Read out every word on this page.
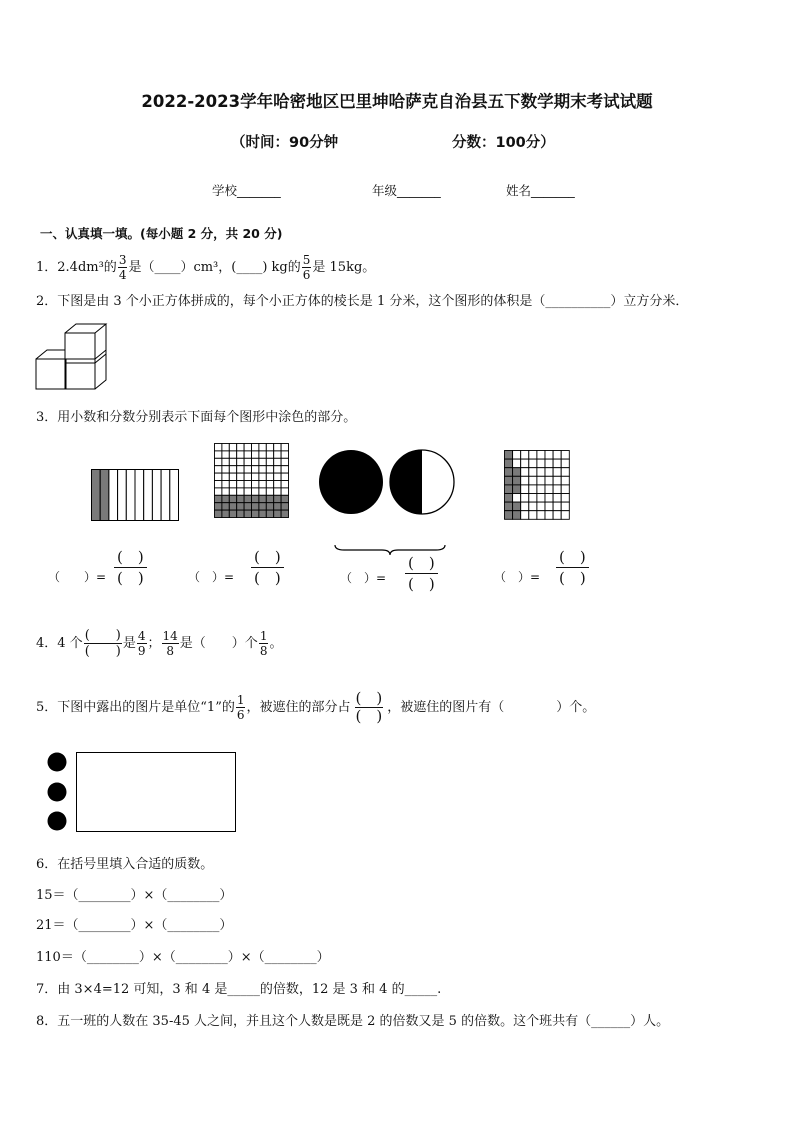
2022-2023学年哈密地区巴里坤哈萨克自治县五下数学期末考试试题
（时间：90分钟	分数：100分）
学校_______	年级_______	姓名_______
一、认真填一填。(每小题 2 分，共 20 分)
1．2.4dm³的 $\frac{3}{4}$ 是（____）cm³，(____) kg的 $\frac{5}{6}$ 是 15kg。
2．下图是由 3 个小正方体拼成的，每个小正方体的棱长是 1 分米，这个图形的体积是（__________）立方分米．
3．用小数和分数分别表示下面每个图形中涂色的部分。
（　　）=
(　)
(　)	（　）=
(　)
(　)	（　）=
(　)
(　)	（　）=
(　)
(　)
4．4 个 $\frac{( )}{( )}$ 是 $\frac{4}{9}$ ； $\frac{14}{8}$ 是（　　）个 $\frac{1}{8}$ 。
5．下图中露出的图片是单位“1”的 $\frac{1}{6}$ ，被遮住的部分占 $\frac{( )}{( )}$ ，被遮住的图片有（　　　　）个。
6．在括号里填入合适的质数。
15＝（________）×（________）
21＝（________）×（________）
110＝（________）×（________）×（________）
7．由 3×4=12 可知，3 和 4 是_____的倍数，12 是 3 和 4 的_____.
8．五一班的人数在 35-45 人之间，并且这个人数是既是 2 的倍数又是 5 的倍数。这个班共有（______）人。
